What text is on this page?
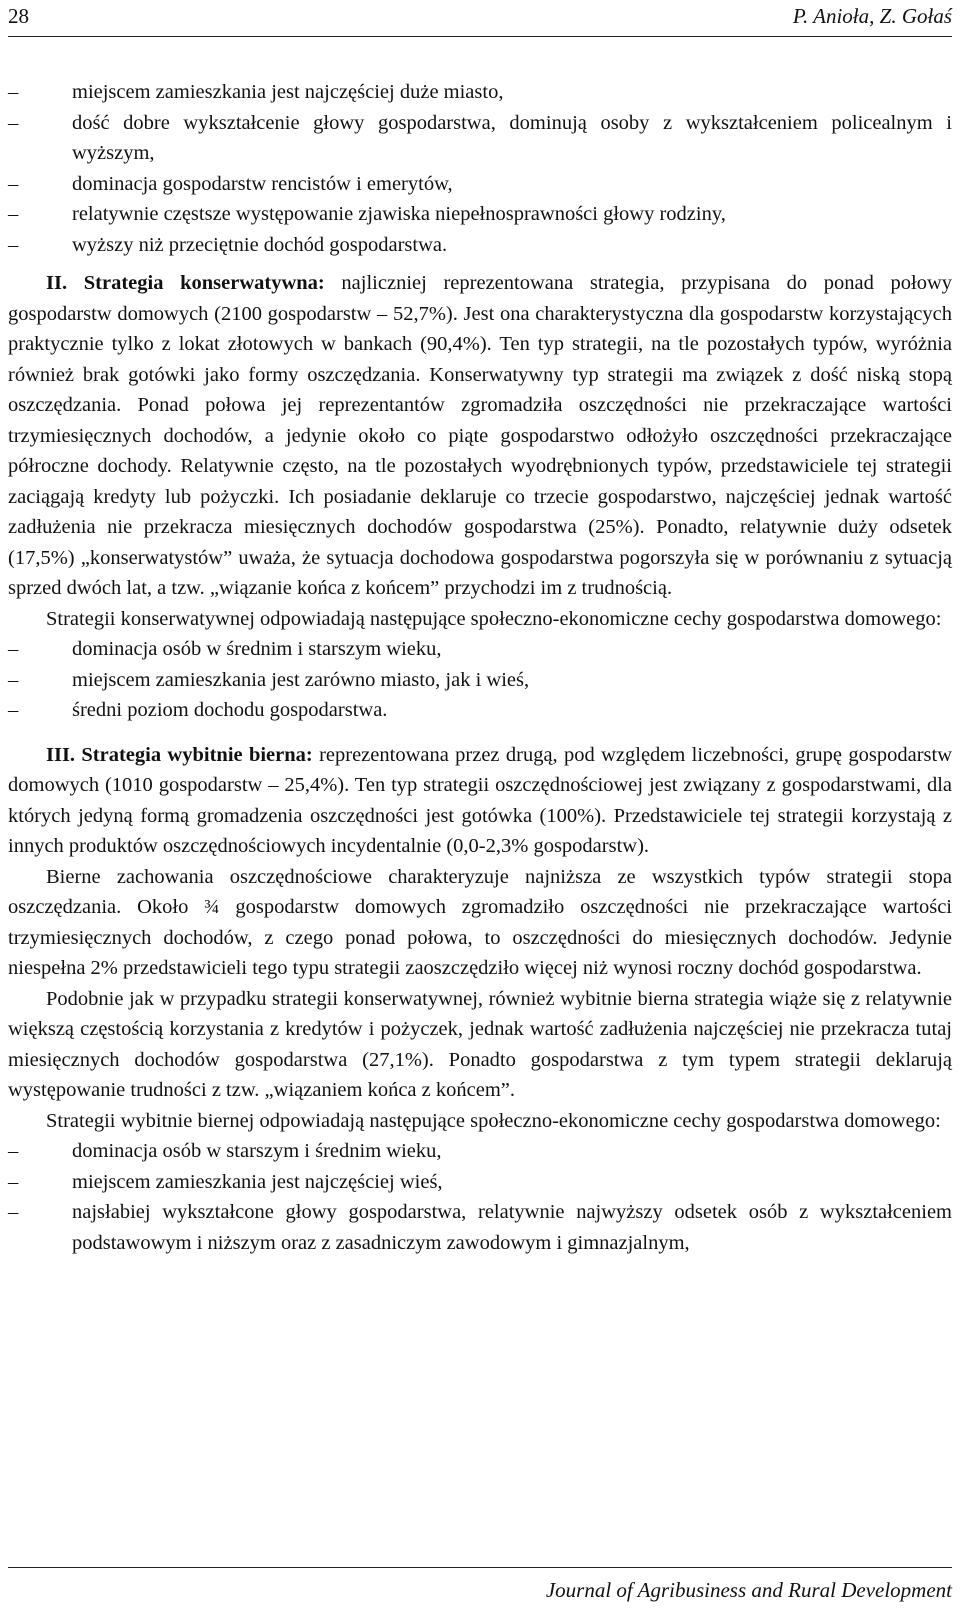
28	P. Anioła, Z. Gołaś
–	miejscem zamieszkania jest najczęściej duże miasto,
–	dość dobre wykształcenie głowy gospodarstwa, dominują osoby z wykształceniem policealnym i wyższym,
–	dominacja gospodarstw rencistów i emerytów,
–	relatywnie częstsze występowanie zjawiska niepełnosprawności głowy rodziny,
–	wyższy niż przeciętnie dochód gospodarstwa.

II. Strategia konserwatywna: najliczniej reprezentowana strategia, przypisana do ponad połowy gospodarstw domowych (2100 gospodarstw – 52,7%). Jest ona charakterystyczna dla gospodarstw korzystających praktycznie tylko z lokat złotowych w bankach (90,4%). Ten typ strategii, na tle pozostałych typów, wyróżnia również brak gotówki jako formy oszczędzania. Konserwatywny typ strategii ma związek z dość niską stopą oszczędzania. Ponad połowa jej reprezentantów zgromadziła oszczędności nie przekraczające wartości trzymiesięcznych dochodów, a jedynie około co piąte gospodarstwo odłożyło oszczędności przekraczające półroczne dochody. Relatywnie często, na tle pozostałych wyodrębnionych typów, przedstawiciele tej strategii zaciągają kredyty lub pożyczki. Ich posiadanie deklaruje co trzecie gospodarstwo, najczęściej jednak wartość zadłużenia nie przekracza miesięcznych dochodów gospodarstwa (25%). Ponadto, relatywnie duży odsetek (17,5%) „konserwatystów” uważa, że sytuacja dochodowa gospodarstwa pogorszyła się w porównaniu z sytuacją sprzed dwóch lat, a tzw. „wiązanie końca z końcem” przychodzi im z trudnością.

Strategii konserwatywnej odpowiadają następujące społeczno-ekonomiczne cechy gospodarstwa domowego:

–	dominacja osób w średnim i starszym wieku,
–	miejscem zamieszkania jest zarówno miasto, jak i wieś,
–	średni poziom dochodu gospodarstwa.

III. Strategia wybitnie bierna: reprezentowana przez drugą, pod względem liczebności, grupę gospodarstw domowych (1010 gospodarstw – 25,4%). Ten typ strategii oszczędnościowej jest związany z gospodarstwami, dla których jedyną formą gromadzenia oszczędności jest gotówka (100%). Przedstawiciele tej strategii korzystają z innych produktów oszczędnościowych incydentalnie (0,0-2,3% gospodarstw).

Bierne zachowania oszczędnościowe charakteryzuje najniższa ze wszystkich typów strategii stopa oszczędzania. Około ¾ gospodarstw domowych zgromadziło oszczędności nie przekraczające wartości trzymiesięcznych dochodów, z czego ponad połowa, to oszczędności do miesięcznych dochodów. Jedynie niespełna 2% przedstawicieli tego typu strategii zaoszczędziło więcej niż wynosi roczny dochód gospodarstwa.

Podobnie jak w przypadku strategii konserwatywnej, również wybitnie bierna strategia wiąże się z relatywnie większą częstością korzystania z kredytów i pożyczek, jednak wartość zadłużenia najczęściej nie przekracza tutaj miesięcznych dochodów gospodarstwa (27,1%). Ponadto gospodarstwa z tym typem strategii deklarują występowanie trudności z tzw. „wiązaniem końca z końcem”.

Strategii wybitnie biernej odpowiadają następujące społeczno-ekonomiczne cechy gospodarstwa domowego:

–	dominacja osób w starszym i średnim wieku,
–	miejscem zamieszkania jest najczęściej wieś,
–	najsłabiej wykształcone głowy gospodarstwa, relatywnie najwyższy odsetek osób z wykształceniem podstawowym i niższym oraz z zasadniczym zawodowym i gimnazjalnym,
Journal of Agribusiness and Rural Development
